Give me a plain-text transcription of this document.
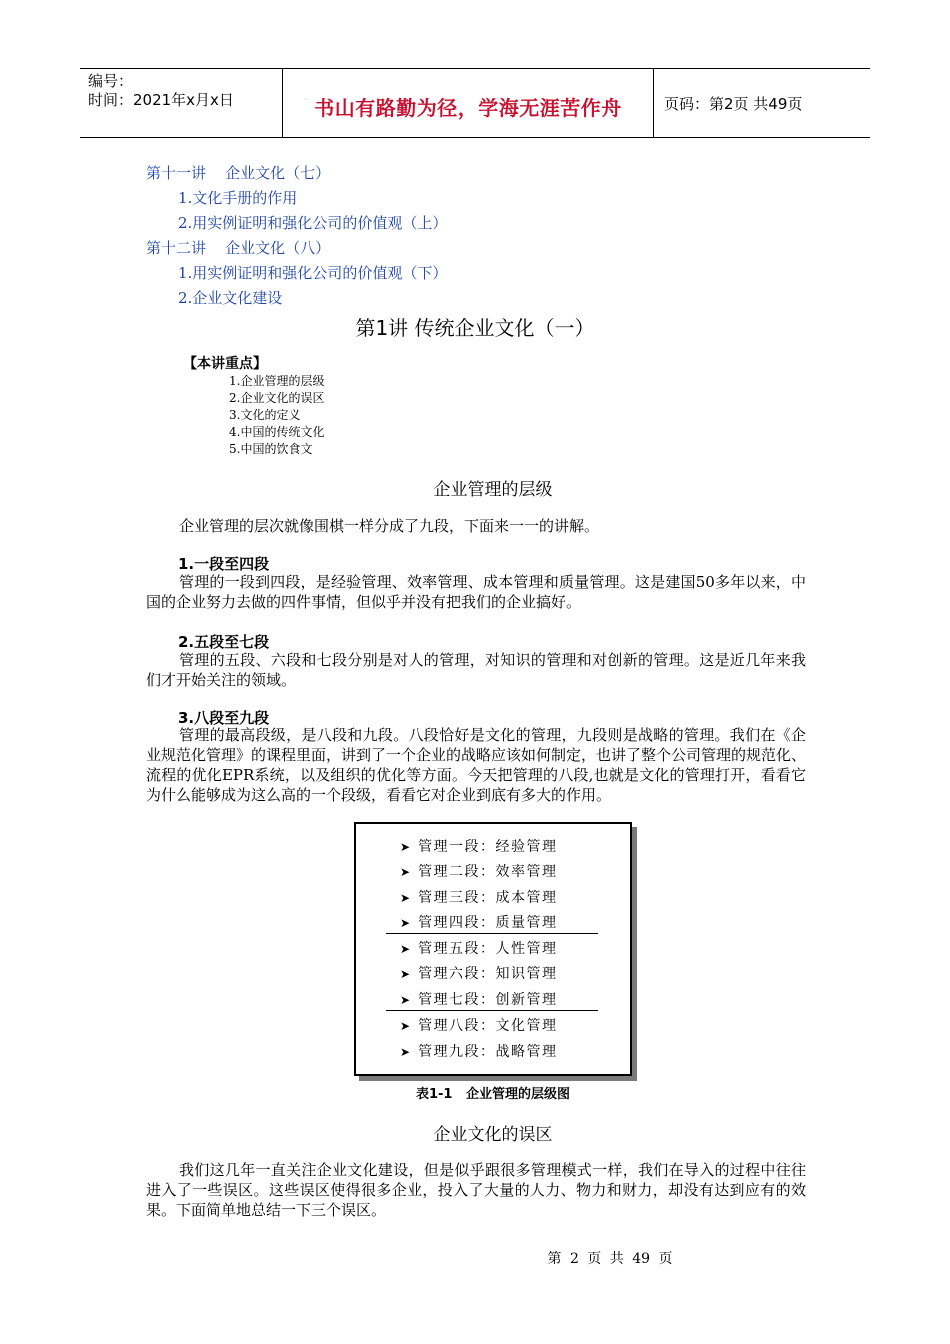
编号：
时间：2021年x月x日	书山有路勤为径，学海无涯苦作舟	页码：第2页 共49页
第十一讲    企业文化（七）
1.文化手册的作用
2.用实例证明和强化公司的价值观（上）
第十二讲    企业文化（八）
1.用实例证明和强化公司的价值观（下）
2.企业文化建设
第1讲 传统企业文化（一）
【本讲重点】
1.企业管理的层级
2.企业文化的误区
3.文化的定义
4.中国的传统文化
5.中国的饮食文
企业管理的层级
企业管理的层次就像围棋一样分成了九段，下面来一一的讲解。
1.一段至四段
管理的一段到四段，是经验管理、效率管理、成本管理和质量管理。这是建国50多年以来，中国的企业努力去做的四件事情，但似乎并没有把我们的企业搞好。
2.五段至七段
管理的五段、六段和七段分别是对人的管理，对知识的管理和对创新的管理。这是近几年来我们才开始关注的领域。
3.八段至九段
管理的最高段级，是八段和九段。八段恰好是文化的管理，九段则是战略的管理。我们在《企业规范化管理》的课程里面，讲到了一个企业的战略应该如何制定，也讲了整个公司管理的规范化、流程的优化EPR系统，以及组织的优化等方面。今天把管理的八段,也就是文化的管理打开，看看它为什么能够成为这么高的一个段级，看看它对企业到底有多大的作用。
➤ 管理一段：经验管理
➤ 管理二段：效率管理
➤ 管理三段：成本管理
➤ 管理四段：质量管理
➤ 管理五段：人性管理
➤ 管理六段：知识管理
➤ 管理七段：创新管理
➤ 管理八段：文化管理
➤ 管理九段：战略管理
表1-1   企业管理的层级图
企业文化的误区
我们这几年一直关注企业文化建设，但是似乎跟很多管理模式一样，我们在导入的过程中往往进入了一些误区。这些误区使得很多企业，投入了大量的人力、物力和财力，却没有达到应有的效果。下面简单地总结一下三个误区。
第 2 页 共 49 页
